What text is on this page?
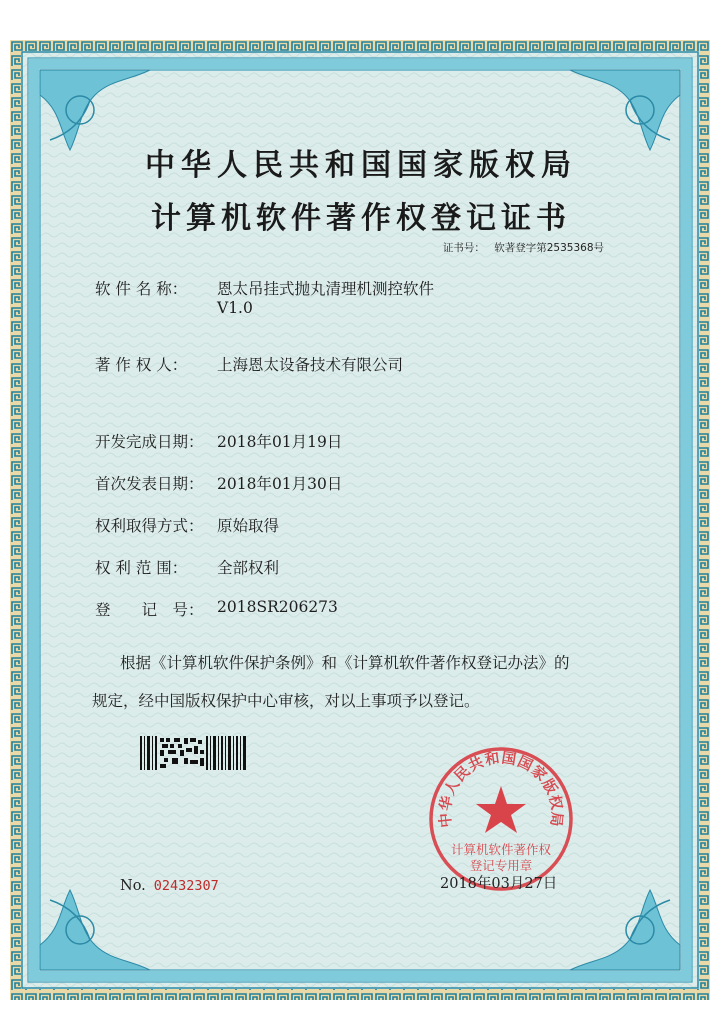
中华人民共和国国家版权局
计算机软件著作权登记证书
证书号： 软著登字第2535368号
软 件 名 称： 恩太吊挂式抛丸清理机测控软件
V1.0
著 作 权 人： 上海恩太设备技术有限公司
开发完成日期： 2018年01月19日
首次发表日期： 2018年01月30日
权利取得方式： 原始取得
权 利 范 围： 全部权利
登　　记　号： 2018SR206273
根据《计算机软件保护条例》和《计算机软件著作权登记办法》的
规定，经中国版权保护中心审核，对以上事项予以登记。
No. 02432307
中华人民共和国国家版权局
计算机软件著作权
登记专用章
2018年03月27日
